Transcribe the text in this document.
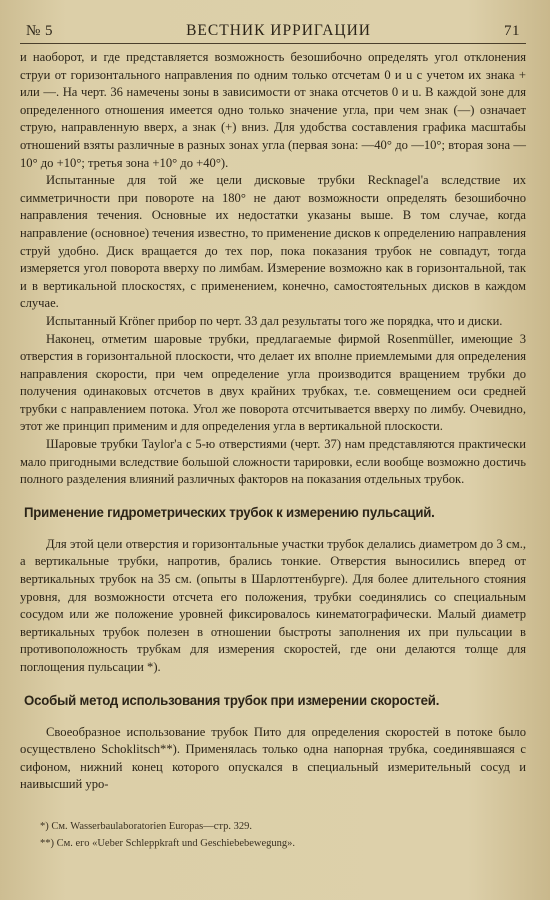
№ 5	ВЕСТНИК ИРРИГАЦИИ	71

и наоборот, и где представляется возможность безошибочно определять угол отклонения струи от горизонтального направления по одним только отсчетам 0 и u с учетом их знака + или —. На черт. 36 намечены зоны в зависимости от знака отсчетов 0 и u. В каждой зоне для определенного отношения имеется одно только значение угла, при чем знак (—) означает струю, направленную вверх, а знак (+) вниз. Для удобства составления графика масштабы отношений взяты различные в разных зонах угла (первая зона: —40° до —10°; вторая зона —10° до +10°; третья зона +10° до +40°).

Испытанные для той же цели дисковые трубки Recknagel'а вследствие их симметричности при повороте на 180° не дают возможности определять безошибочно направления течения. Основные их недостатки указаны выше. В том случае, когда направление (основное) течения известно, то применение дисков к определению направления струй удобно. Диск вращается до тех пор, пока показания трубок не совпадут, тогда измеряется угол поворота вверху по лимбам. Измерение возможно как в горизонтальной, так и в вертикальной плоскостях, с применением, конечно, самостоятельных дисков в каждом случае.

Испытанный Kröner прибор по черт. 33 дал результаты того же порядка, что и диски.

Наконец, отметим шаровые трубки, предлагаемые фирмой Rosenmüller, имеющие 3 отверстия в горизонтальной плоскости, что делает их вполне приемлемыми для определения направления скорости, при чем определение угла производится вращением трубки до получения одинаковых отсчетов в двух крайних трубках, т.е. совмещением оси средней трубки с направлением потока. Угол же поворота отсчитывается вверху по лимбу. Очевидно, этот же принцип применим и для определения угла в вертикальной плоскости.

Шаровые трубки Taylor'а с 5-ю отверстиями (черт. 37) нам представляются практически мало пригодными вследствие большой сложности тарировки, если вообще возможно достичь полного разделения влияний различных факторов на показания отдельных трубок.

Применение гидрометрических трубок к измерению пульсаций.

Для этой цели отверстия и горизонтальные участки трубок делались диаметром до 3 см., а вертикальные трубки, напротив, брались тонкие. Отверстия выносились вперед от вертикальных трубок на 35 см. (опыты в Шарлоттенбурге). Для более длительного стояния уровня, для возможности отсчета его положения, трубки соединялись со специальным сосудом или же положение уровней фиксировалось кинематографически. Малый диаметр вертикальных трубок полезен в отношении быстроты заполнения их при пульсации в противоположность трубкам для измерения скоростей, где они делаются толще для поглощения пульсации *).

Особый метод использования трубок при измерении скоростей.

Своеобразное использование трубок Пито для определения скоростей в потоке было осуществлено Schoklitsch**). Применялась только одна напорная трубка, соединявшаяся с сифоном, нижний конец которого опускался в специальный измерительный сосуд и наивысший уро-

*) См. Wasserbaulaboratorien Europas—стр. 329.
**) См. его «Ueber Schleppkraft und Geschiebebewegung».
